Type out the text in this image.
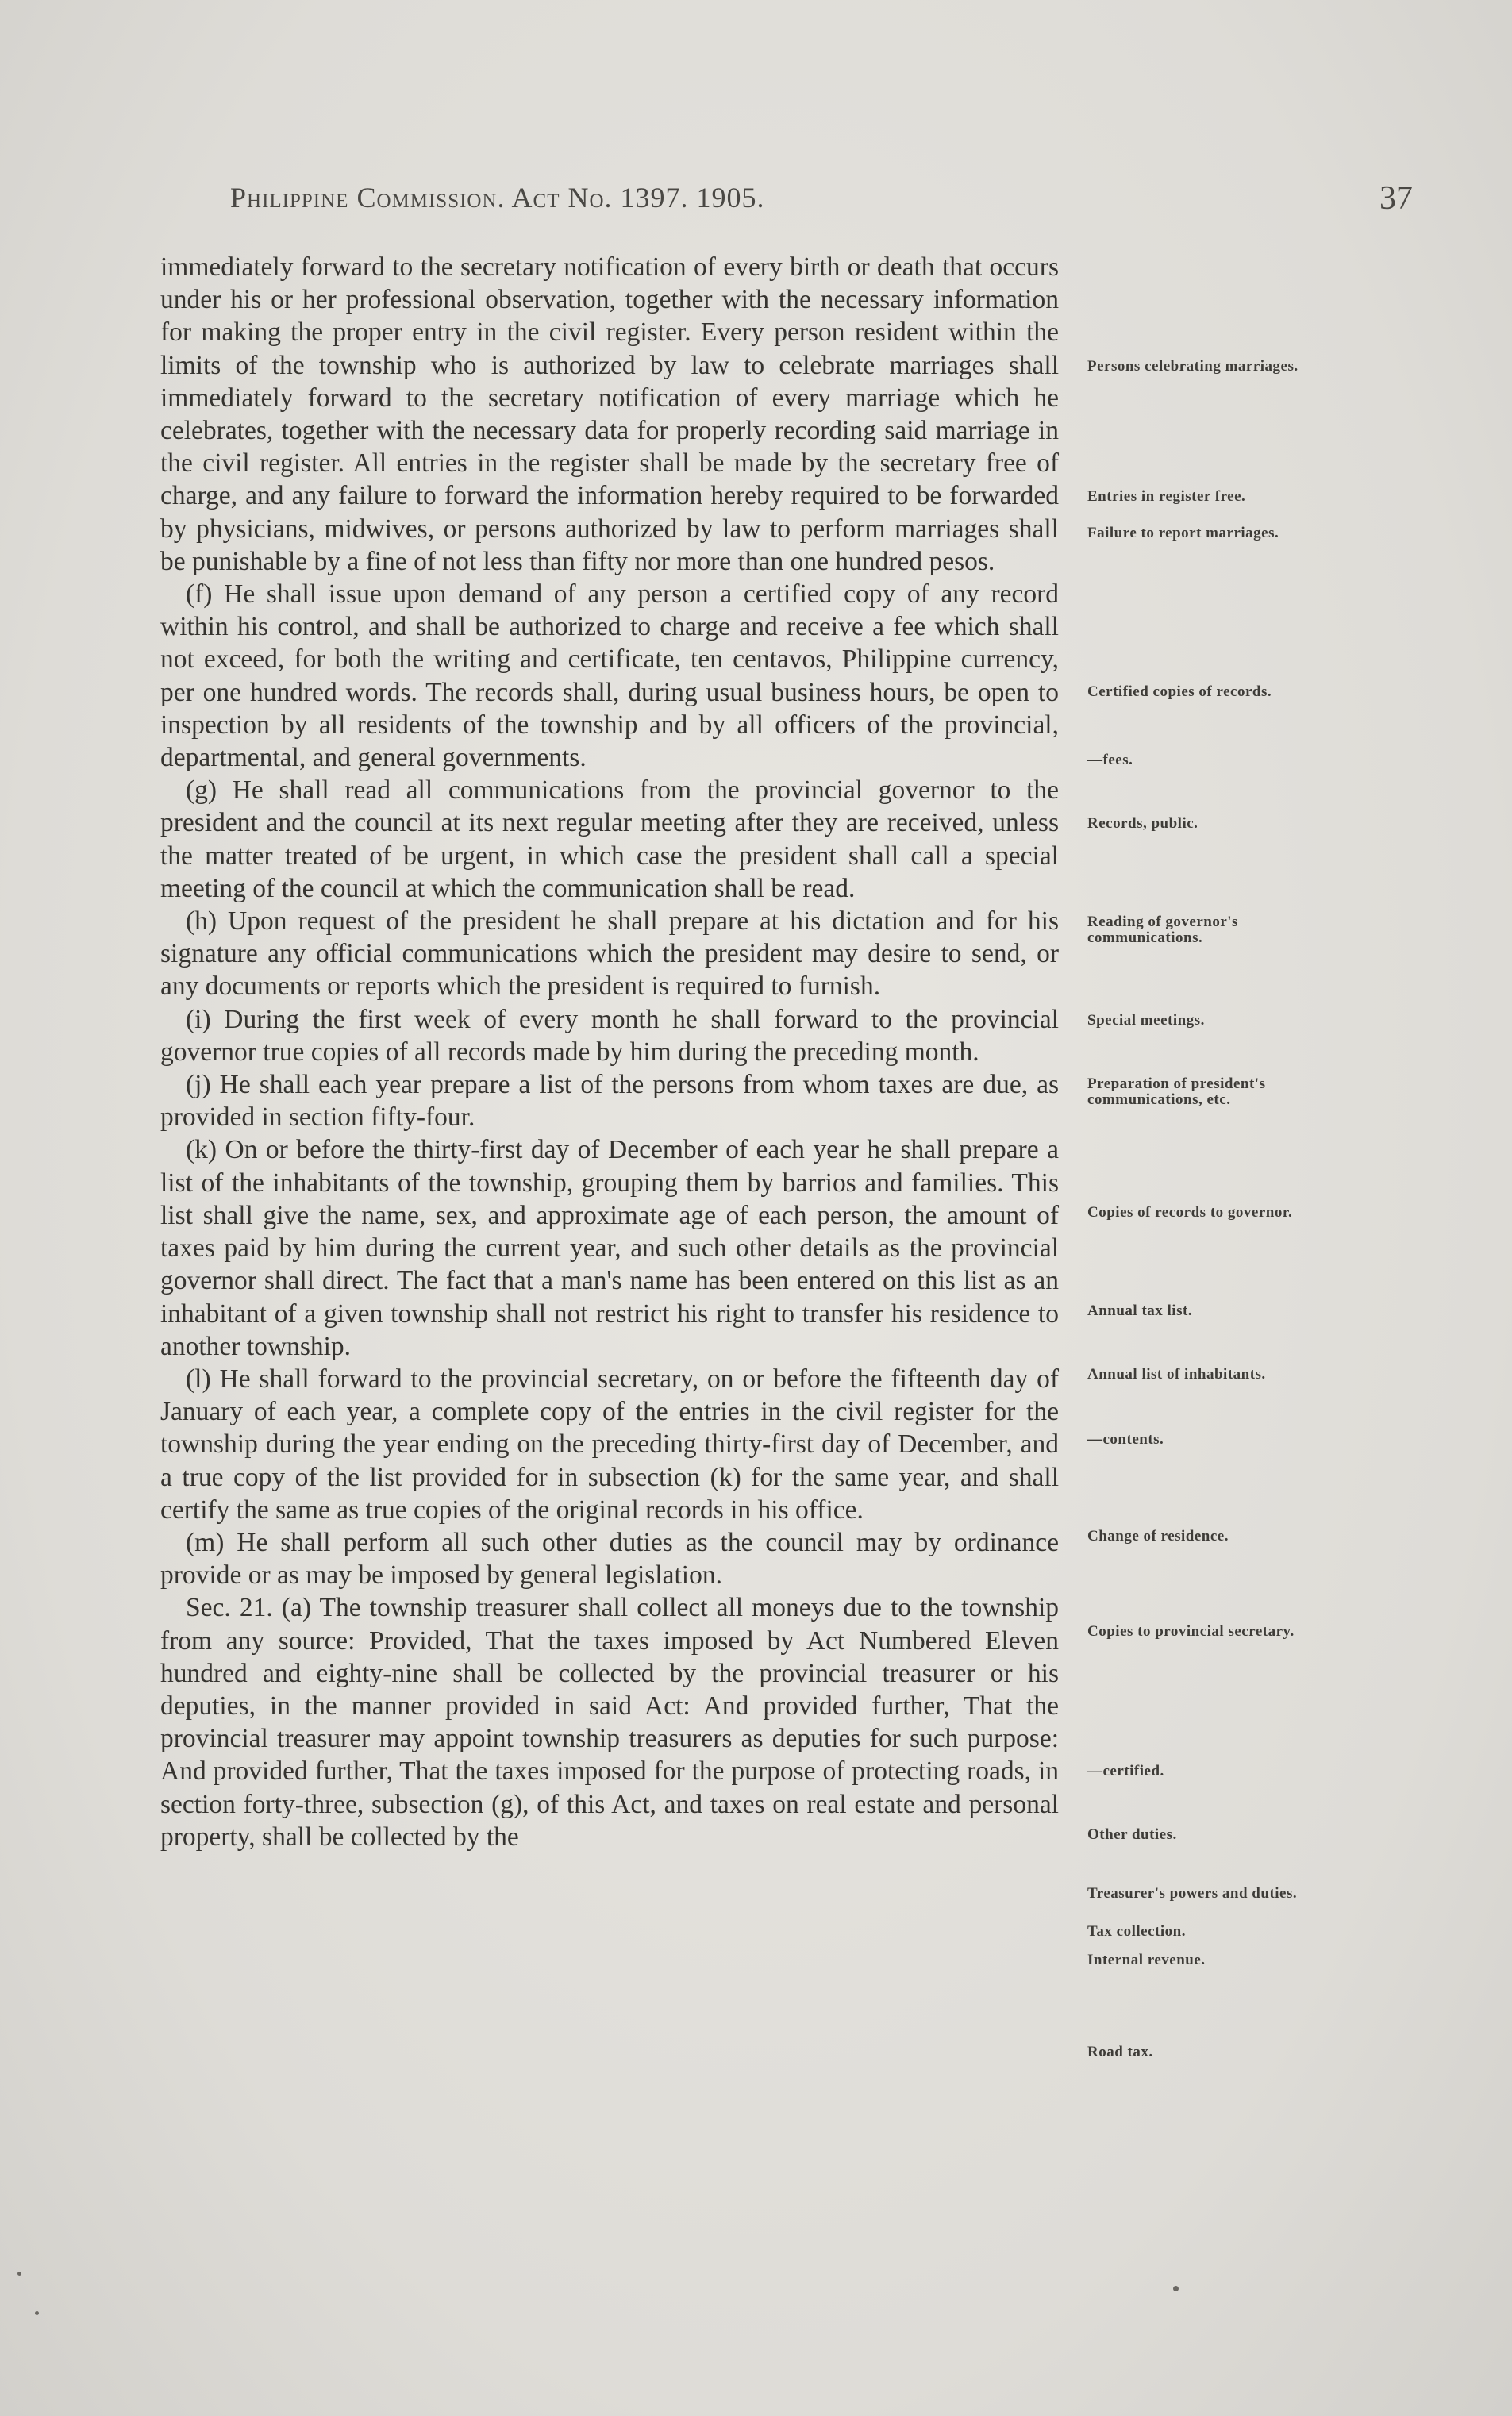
Philippine Commission. Act No. 1397. 1905.	37

immediately forward to the secretary notification of every birth or death that occurs under his or her professional observation, together with the necessary information for making the proper entry in the civil register. Every person resident within the limits of the township who is authorized by law to celebrate marriages shall immediately forward to the secretary notification of every marriage which he celebrates, together with the necessary data for properly recording said marriage in the civil register. All entries in the register shall be made by the secretary free of charge, and any failure to forward the information hereby required to be forwarded by physicians, midwives, or persons authorized by law to perform marriages shall be punishable by a fine of not less than fifty nor more than one hundred pesos.

(f) He shall issue upon demand of any person a certified copy of any record within his control, and shall be authorized to charge and receive a fee which shall not exceed, for both the writing and certificate, ten centavos, Philippine currency, per one hundred words. The records shall, during usual business hours, be open to inspection by all residents of the township and by all officers of the provincial, departmental, and general governments.

(g) He shall read all communications from the provincial governor to the president and the council at its next regular meeting after they are received, unless the matter treated of be urgent, in which case the president shall call a special meeting of the council at which the communication shall be read.

(h) Upon request of the president he shall prepare at his dictation and for his signature any official communications which the president may desire to send, or any documents or reports which the president is required to furnish.

(i) During the first week of every month he shall forward to the provincial governor true copies of all records made by him during the preceding month.

(j) He shall each year prepare a list of the persons from whom taxes are due, as provided in section fifty-four.

(k) On or before the thirty-first day of December of each year he shall prepare a list of the inhabitants of the township, grouping them by barrios and families. This list shall give the name, sex, and approximate age of each person, the amount of taxes paid by him during the current year, and such other details as the provincial governor shall direct. The fact that a man's name has been entered on this list as an inhabitant of a given township shall not restrict his right to transfer his residence to another township.

(l) He shall forward to the provincial secretary, on or before the fifteenth day of January of each year, a complete copy of the entries in the civil register for the township during the year ending on the preceding thirty-first day of December, and a true copy of the list provided for in subsection (k) for the same year, and shall certify the same as true copies of the original records in his office.

(m) He shall perform all such other duties as the council may by ordinance provide or as may be imposed by general legislation.

Sec. 21. (a) The township treasurer shall collect all moneys due to the township from any source: Provided, That the taxes imposed by Act Numbered Eleven hundred and eighty-nine shall be collected by the provincial treasurer or his deputies, in the manner provided in said Act: And provided further, That the provincial treasurer may appoint township treasurers as deputies for such purpose: And provided further, That the taxes imposed for the purpose of protecting roads, in section forty-three, subsection (g), of this Act, and taxes on real estate and personal property, shall be collected by the

Persons celebrating marriages.
Entries in register free.
Failure to report marriages.
Certified copies of records.
—fees.
Records, public.
Reading of governor's communications.
Special meetings.
Preparation of president's communications, etc.
Copies of records to governor.
Annual tax list.
Annual list of inhabitants.
—contents.
Change of residence.
Copies to provincial secretary.
—certified.
Other duties.
Treasurer's powers and duties.
Tax collection.
Internal revenue.
Road tax.
